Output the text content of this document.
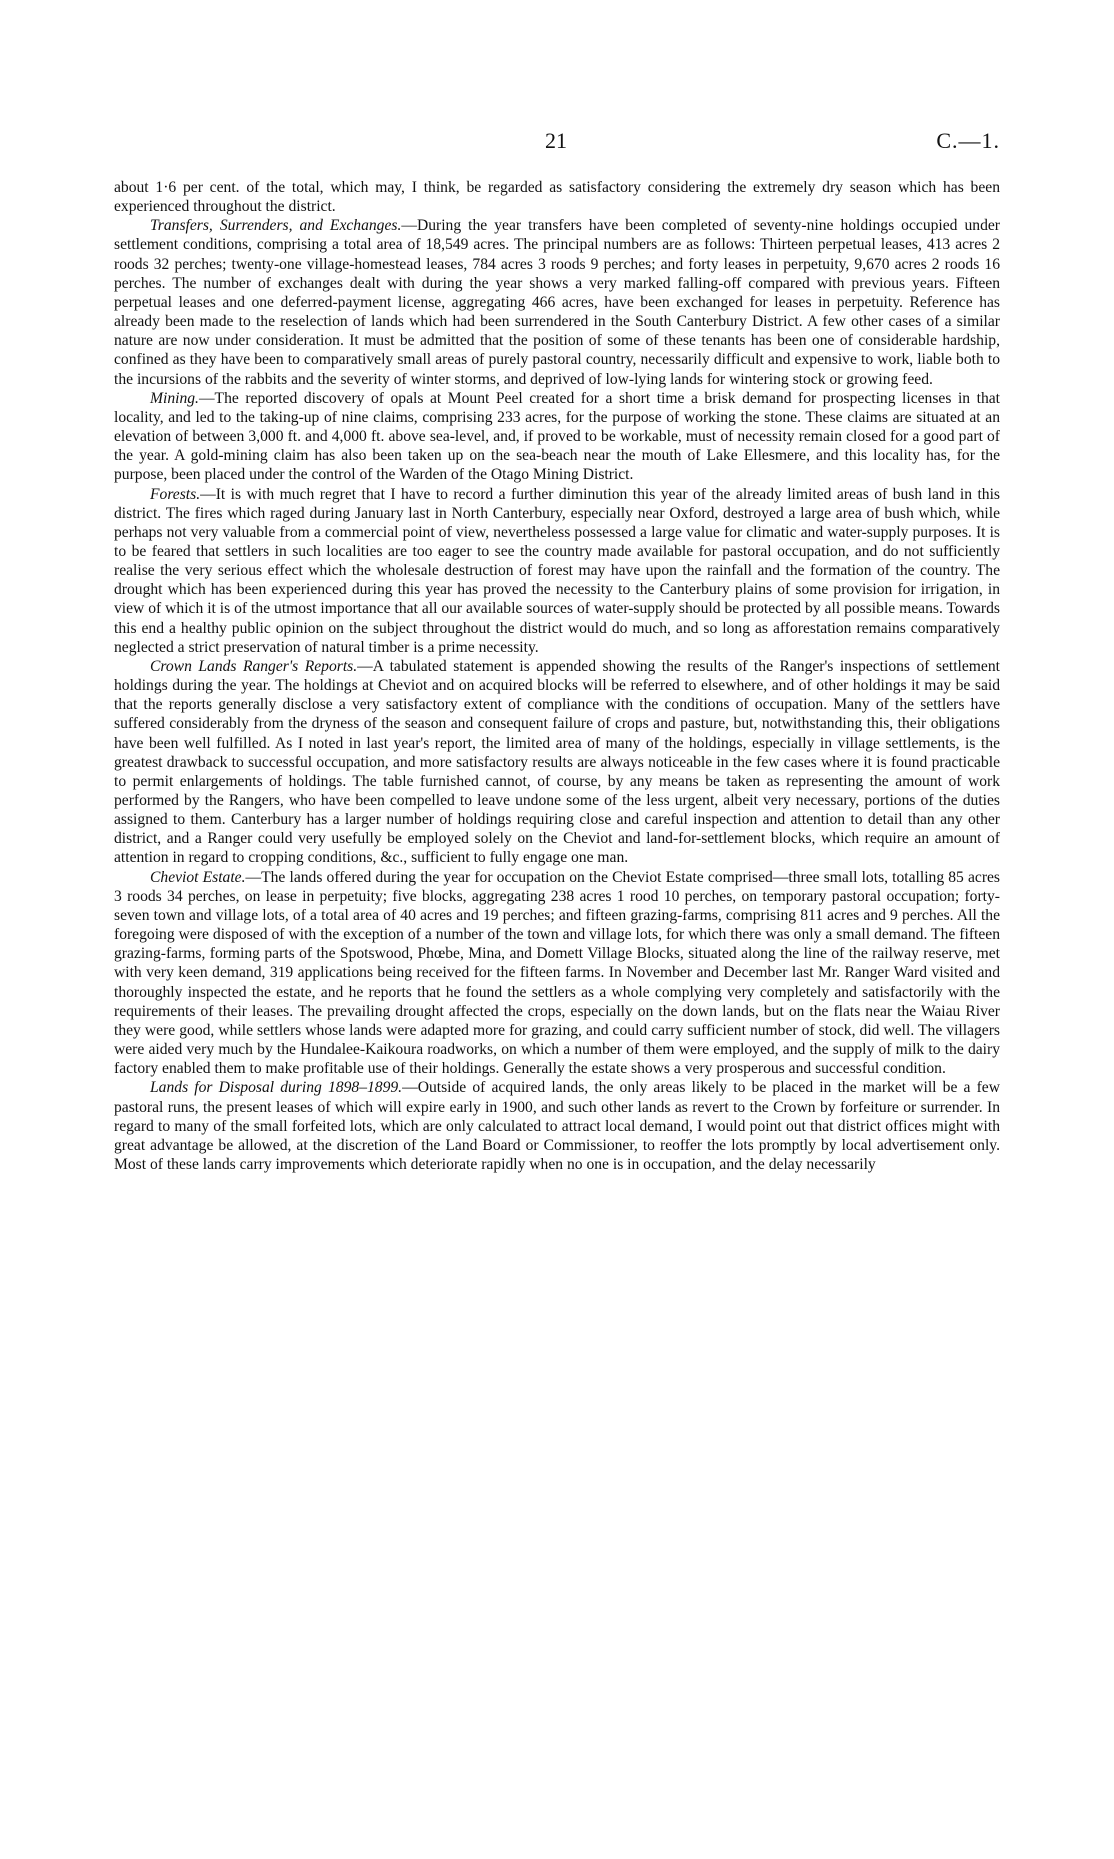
21	C.—1.

about 1·6 per cent. of the total, which may, I think, be regarded as satisfactory considering the extremely dry season which has been experienced throughout the district.

Transfers, Surrenders, and Exchanges.—During the year transfers have been completed of seventy-nine holdings occupied under settlement conditions, comprising a total area of 18,549 acres. The principal numbers are as follows: Thirteen perpetual leases, 413 acres 2 roods 32 perches; twenty-one village-homestead leases, 784 acres 3 roods 9 perches; and forty leases in perpetuity, 9,670 acres 2 roods 16 perches. The number of exchanges dealt with during the year shows a very marked falling-off compared with previous years. Fifteen perpetual leases and one deferred-payment license, aggregating 466 acres, have been exchanged for leases in perpetuity. Reference has already been made to the reselection of lands which had been surrendered in the South Canterbury District. A few other cases of a similar nature are now under consideration. It must be admitted that the position of some of these tenants has been one of considerable hardship, confined as they have been to comparatively small areas of purely pastoral country, necessarily difficult and expensive to work, liable both to the incursions of the rabbits and the severity of winter storms, and deprived of low-lying lands for wintering stock or growing feed.

Mining.—The reported discovery of opals at Mount Peel created for a short time a brisk demand for prospecting licenses in that locality, and led to the taking-up of nine claims, comprising 233 acres, for the purpose of working the stone. These claims are situated at an elevation of between 3,000 ft. and 4,000 ft. above sea-level, and, if proved to be workable, must of necessity remain closed for a good part of the year. A gold-mining claim has also been taken up on the sea-beach near the mouth of Lake Ellesmere, and this locality has, for the purpose, been placed under the control of the Warden of the Otago Mining District.

Forests.—It is with much regret that I have to record a further diminution this year of the already limited areas of bush land in this district. The fires which raged during January last in North Canterbury, especially near Oxford, destroyed a large area of bush which, while perhaps not very valuable from a commercial point of view, nevertheless possessed a large value for climatic and water-supply purposes. It is to be feared that settlers in such localities are too eager to see the country made available for pastoral occupation, and do not sufficiently realise the very serious effect which the wholesale destruction of forest may have upon the rainfall and the formation of the country. The drought which has been experienced during this year has proved the necessity to the Canterbury plains of some provision for irrigation, in view of which it is of the utmost importance that all our available sources of water-supply should be protected by all possible means. Towards this end a healthy public opinion on the subject throughout the district would do much, and so long as afforestation remains comparatively neglected a strict preservation of natural timber is a prime necessity.

Crown Lands Ranger's Reports.—A tabulated statement is appended showing the results of the Ranger's inspections of settlement holdings during the year. The holdings at Cheviot and on acquired blocks will be referred to elsewhere, and of other holdings it may be said that the reports generally disclose a very satisfactory extent of compliance with the conditions of occupation. Many of the settlers have suffered considerably from the dryness of the season and consequent failure of crops and pasture, but, notwithstanding this, their obligations have been well fulfilled. As I noted in last year's report, the limited area of many of the holdings, especially in village settlements, is the greatest drawback to successful occupation, and more satisfactory results are always noticeable in the few cases where it is found practicable to permit enlargements of holdings. The table furnished cannot, of course, by any means be taken as representing the amount of work performed by the Rangers, who have been compelled to leave undone some of the less urgent, albeit very necessary, portions of the duties assigned to them. Canterbury has a larger number of holdings requiring close and careful inspection and attention to detail than any other district, and a Ranger could very usefully be employed solely on the Cheviot and land-for-settlement blocks, which require an amount of attention in regard to cropping conditions, &c., sufficient to fully engage one man.

Cheviot Estate.—The lands offered during the year for occupation on the Cheviot Estate comprised—three small lots, totalling 85 acres 3 roods 34 perches, on lease in perpetuity; five blocks, aggregating 238 acres 1 rood 10 perches, on temporary pastoral occupation; forty-seven town and village lots, of a total area of 40 acres and 19 perches; and fifteen grazing-farms, comprising 811 acres and 9 perches. All the foregoing were disposed of with the exception of a number of the town and village lots, for which there was only a small demand. The fifteen grazing-farms, forming parts of the Spotswood, Phœbe, Mina, and Domett Village Blocks, situated along the line of the railway reserve, met with very keen demand, 319 applications being received for the fifteen farms. In November and December last Mr. Ranger Ward visited and thoroughly inspected the estate, and he reports that he found the settlers as a whole complying very completely and satisfactorily with the requirements of their leases. The prevailing drought affected the crops, especially on the down lands, but on the flats near the Waiau River they were good, while settlers whose lands were adapted more for grazing, and could carry sufficient number of stock, did well. The villagers were aided very much by the Hundalee-Kaikoura roadworks, on which a number of them were employed, and the supply of milk to the dairy factory enabled them to make profitable use of their holdings. Generally the estate shows a very prosperous and successful condition.

Lands for Disposal during 1898–1899.—Outside of acquired lands, the only areas likely to be placed in the market will be a few pastoral runs, the present leases of which will expire early in 1900, and such other lands as revert to the Crown by forfeiture or surrender. In regard to many of the small forfeited lots, which are only calculated to attract local demand, I would point out that district offices might with great advantage be allowed, at the discretion of the Land Board or Commissioner, to reoffer the lots promptly by local advertisement only. Most of these lands carry improvements which deteriorate rapidly when no one is in occupation, and the delay necessarily
